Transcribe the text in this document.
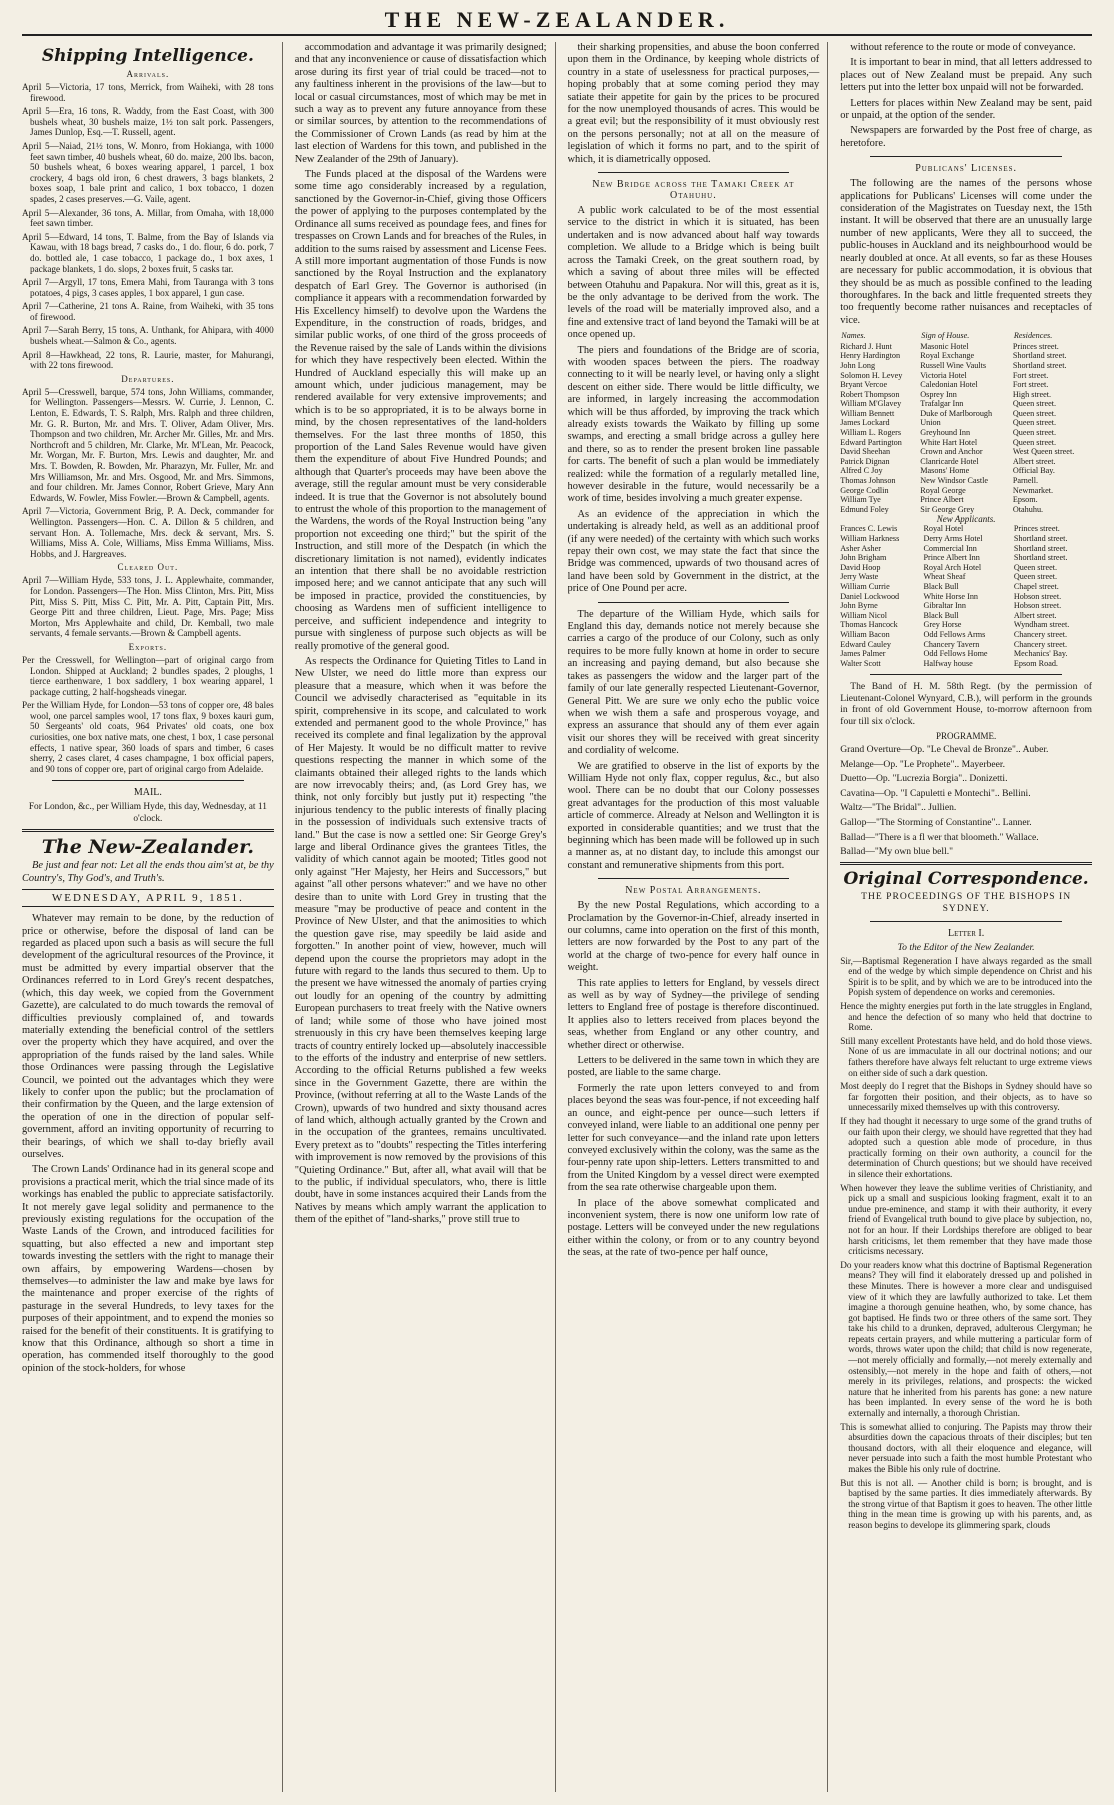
THE NEW-ZEALANDER.
Shipping Intelligence.
Arrivals.

April 5—Victoria, 17 tons, Merrick, from Waiheki, with 28 tons firewood.

April 5—Era, 16 tons, R. Waddy, from the East Coast, with 300 bushels wheat, 30 bushels maize, 1½ ton salt pork. Passengers, James Dunlop, Esq.—T. Russell, agent.

April 5—Naiad, 21½ tons, W. Monro, from Hokianga, with 1000 feet sawn timber, 40 bushels wheat, 60 do. maize, 200 lbs. bacon, 50 bushels wheat, 6 boxes wearing apparel, 1 parcel, 1 box crockery, 4 bags old iron, 6 chest drawers, 3 bags blankets, 2 boxes soap, 1 bale print and calico, 1 box tobacco, 1 dozen spades, 2 cases preserves.—G. Vaile, agent.

April 5—Alexander, 36 tons, A. Millar, from Omaha, with 18,000 feet sawn timber.

April 5—Edward, 14 tons, T. Balme, from the Bay of Islands via Kawau, with 18 bags bread, 7 casks do., 1 do. flour, 6 do. pork, 7 do. bottled ale, 1 case tobacco, 1 package do., 1 box axes, 1 package blankets, 1 do. slops, 2 boxes fruit, 5 casks tar.

April 7—Argyll, 17 tons, Emera Mahi, from Tauranga with 3 tons potatoes, 4 pigs, 3 cases apples, 1 box apparel, 1 gun case.

April 7—Catherine, 21 tons A. Raine, from Waiheki, with 35 tons of firewood.

April 7—Sarah Berry, 15 tons, A. Unthank, for Ahipara, with 4000 bushels wheat.—Salmon & Co., agents.

April 8—Hawkhead, 22 tons, R. Laurie, master, for Mahurangi, with 22 tons firewood.

Departures.

April 5—Cresswell, barque, 574 tons, John Williams, commander, for Wellington. Passengers—Messrs. W. Currie, J. Lennon, C. Lenton, E. Edwards, T. S. Ralph, Mrs. Ralph and three children, Mr. G. R. Burton, Mr. and Mrs. T. Oliver, Adam Oliver, Mrs. Thompson and two children, Mr. Archer Mr. Gilles, Mr. and Mrs. Northcroft and 5 children, Mr. Clarke, Mr. M'Lean, Mr. Peacock, Mr. Worgan, Mr. F. Burton, Mrs. Lewis and daughter, Mr. and Mrs. T. Bowden, R. Bowden, Mr. Pharazyn, Mr. Fuller, Mr. and Mrs Williamson, Mr. and Mrs. Osgood, Mr. and Mrs. Simmons, and four children. Mr. James Connor, Robert Grieve, Mary Ann Edwards, W. Fowler, Miss Fowler.—Brown & Campbell, agents.

April 7—Victoria, Government Brig, P. A. Deck, commander for Wellington. Passengers—Hon. C. A. Dillon & 5 children, and servant Hon. A. Tollemache, Mrs. deck & servant, Mrs. S. Williams, Miss A. Cole, Williams, Miss Emma Williams, Miss. Hobbs, and J. Hargreaves.

Cleared Out.

April 7—William Hyde, 533 tons, J. L. Applewhaite, commander, for London. Passengers—The Hon. Miss Clinton, Mrs. Pitt, Miss Pitt, Miss S. Pitt, Miss C. Pitt, Mr. A. Pitt, Captain Pitt, Mrs. George Pitt and three children, Lieut. Page, Mrs. Page; Miss Morton, Mrs Applewhaite and child, Dr. Kemball, two male servants, 4 female servants.—Brown & Campbell agents.

Exports.

Per the Cresswell, for Wellington—part of original cargo from London. Shipped at Auckland; 2 bundles spades, 2 ploughs, 1 tierce earthenware, 1 box saddlery, 1 box wearing apparel, 1 package cutting, 2 half-hogsheads vinegar.

Per the William Hyde, for London—53 tons of copper ore, 48 bales wool, one parcel samples wool, 17 tons flax, 9 boxes kauri gum, 50 Sergeants' old coats, 964 Privates' old coats, one box curiosities, one box native mats, one chest, 1 box, 1 case personal effects, 1 native spear, 360 loads of spars and timber, 6 cases sherry, 2 cases claret, 4 cases champagne, 1 box official papers, and 90 tons of copper ore, part of original cargo from Adelaide.

MAIL.
For London, &c., per William Hyde, this day, Wednesday, at 11 o'clock.
The New-Zealander.

Be just and fear not: Let all the ends thou aim'st at, be thy Country's, Thy God's, and Truth's.

WEDNESDAY, APRIL 9, 1851.

Whatever may remain to be done, by the reduction of price or otherwise, before the disposal of land can be regarded as placed upon such a basis as will secure the full development of the agricultural resources of the Province, it must be admitted by every impartial observer that the Ordinances referred to in Lord Grey's recent despatches, (which, this day week, we copied from the Government Gazette), are calculated to do much towards the removal of difficulties previously complained of, and towards materially extending the beneficial control of the settlers over the property which they have acquired, and over the appropriation of the funds raised by the land sales. While those Ordinances were passing through the Legislative Council, we pointed out the advantages which they were likely to confer upon the public; but the proclamation of their confirmation by the Queen, and the large extension of the operation of one in the direction of popular self-government, afford an inviting opportunity of recurring to their bearings, of which we shall to-day briefly avail ourselves.

The Crown Lands' Ordinance had in its general scope and provisions a practical merit, which the trial since made of its workings has enabled the public to appreciate satisfactorily. It not merely gave legal solidity and permanence to the previously existing regulations for the occupation of the Waste Lands of the Crown, and introduced facilities for squatting, but also effected a new and important step towards investing the settlers with the right to manage their own affairs, by empowering Wardens—chosen by themselves—to administer the law and make bye laws for the maintenance and proper exercise of the rights of pasturage in the several Hundreds, to levy taxes for the purposes of their appointment, and to expend the monies so raised for the benefit of their constituents. It is gratifying to know that this Ordinance, although so short a time in operation, has commended itself thoroughly to the good opinion of the stock-holders, for whose

accommodation and advantage it was primarily designed; and that any inconvenience or cause of dissatisfaction which arose during its first year of trial could be traced—not to any faultiness inherent in the provisions of the law—but to local or casual circumstances, most of which may be met in such a way as to prevent any future annoyance from these or similar sources, by attention to the recommendations of the Commissioner of Crown Lands (as read by him at the last election of Wardens for this town, and published in the New Zealander of the 29th of January).

The Funds placed at the disposal of the Wardens were some time ago considerably increased by a regulation, sanctioned by the Governor-in-Chief, giving those Officers the power of applying to the purposes contemplated by the Ordinance all sums received as poundage fees, and fines for trespasses on Crown Lands and for breaches of the Rules, in addition to the sums raised by assessment and License Fees. A still more important augmentation of those Funds is now sanctioned by the Royal Instruction and the explanatory despatch of Earl Grey. The Governor is authorised (in compliance it appears with a recommendation forwarded by His Excellency himself) to devolve upon the Wardens the Expenditure, in the construction of roads, bridges, and similar public works, of one third of the gross proceeds of the Revenue raised by the sale of Lands within the divisions for which they have respectively been elected. Within the Hundred of Auckland especially this will make up an amount which, under judicious management, may be rendered available for very extensive improvements; and which is to be so appropriated, it is to be always borne in mind, by the chosen representatives of the land-holders themselves. For the last three months of 1850, this proportion of the Land Sales Revenue would have given them the expenditure of about Five Hundred Pounds; and although that Quarter's proceeds may have been above the average, still the regular amount must be very considerable indeed. It is true that the Governor is not absolutely bound to entrust the whole of this proportion to the management of the Wardens, the words of the Royal Instruction being "any proportion not exceeding one third;" but the spirit of the Instruction, and still more of the Despatch (in which the discretionary limitation is not named), evidently indicates an intention that there shall be no avoidable restriction imposed here; and we cannot anticipate that any such will be imposed in practice, provided the constituencies, by choosing as Wardens men of sufficient intelligence to perceive, and sufficient independence and integrity to pursue with singleness of purpose such objects as will be really promotive of the general good.

As respects the Ordinance for Quieting Titles to Land in New Ulster, we need do little more than express our pleasure that a measure, which when it was before the Council we advisedly characterised as "equitable in its spirit, comprehensive in its scope, and calculated to work extended and permanent good to the whole Province," has received its complete and final legalization by the approval of Her Majesty. It would be no difficult matter to revive questions respecting the manner in which some of the claimants obtained their alleged rights to the lands which are now irrevocably theirs; and, (as Lord Grey has, we think, not only forcibly but justly put it) respecting "the injurious tendency to the public interests of finally placing in the possession of individuals such extensive tracts of land." But the case is now a settled one: Sir George Grey's large and liberal Ordinance gives the grantees Titles, the validity of which cannot again be mooted; Titles good not only against "Her Majesty, her Heirs and Successors," but against "all other persons whatever:" and we have no other desire than to unite with Lord Grey in trusting that the measure "may be productive of peace and content in the Province of New Ulster, and that the animosities to which the question gave rise, may speedily be laid aside and forgotten." In another point of view, however, much will depend upon the course the proprietors may adopt in the future with regard to the lands thus secured to them. Up to the present we have witnessed the anomaly of parties crying out loudly for an opening of the country by admitting European purchasers to treat freely with the Native owners of land; while some of those who have joined most strenuously in this cry have been themselves keeping large tracts of country entirely locked up—absolutely inaccessible to the efforts of the industry and enterprise of new settlers. According to the official Returns published a few weeks since in the Government Gazette, there are within the Province, (without referring at all to the Waste Lands of the Crown), upwards of two hundred and sixty thousand acres of land which, although actually granted by the Crown and in the occupation of the grantees, remains uncultivated. Every pretext as to "doubts" respecting the Titles interfering with improvement is now removed by the provisions of this "Quieting Ordinance." But, after all, what avail will that be to the public, if individual speculators, who, there is little doubt, have in some instances acquired their Lands from the Natives by means which amply warrant the application to them of the epithet of "land-sharks," prove still true to

their sharking propensities, and abuse the boon conferred upon them in the Ordinance, by keeping whole districts of country in a state of uselessness for practical purposes,—hoping probably that at some coming period they may satiate their appetite for gain by the prices to be procured for the now unemployed thousands of acres. This would be a great evil; but the responsibility of it must obviously rest on the persons personally; not at all on the measure of legislation of which it forms no part, and to the spirit of which, it is diametrically opposed.

New Bridge across the Tamaki Creek at Otahuhu.

A public work calculated to be of the most essential service to the district in which it is situated, has been undertaken and is now advanced about half way towards completion. We allude to a Bridge which is being built across the Tamaki Creek, on the great southern road, by which a saving of about three miles will be effected between Otahuhu and Papakura. Nor will this, great as it is, be the only advantage to be derived from the work. The levels of the road will be materially improved also, and a fine and extensive tract of land beyond the Tamaki will be at once opened up.

The piers and foundations of the Bridge are of scoria, with wooden spaces between the piers. The roadway connecting to it will be nearly level, or having only a slight descent on either side. There would be little difficulty, we are informed, in largely increasing the accommodation which will be thus afforded, by improving the track which already exists towards the Waikato by filling up some swamps, and erecting a small bridge across a gulley here and there, so as to render the present broken line passable for carts. The benefit of such a plan would be immediately realized: while the formation of a regularly metalled line, however desirable in the future, would necessarily be a work of time, besides involving a much greater expense.

As an evidence of the appreciation in which the undertaking is already held, as well as an additional proof (if any were needed) of the certainty with which such works repay their own cost, we may state the fact that since the Bridge was commenced, upwards of two thousand acres of land have been sold by Government in the district, at the price of One Pound per acre.

The departure of the William Hyde, which sails for England this day, demands notice not merely because she carries a cargo of the produce of our Colony, such as only requires to be more fully known at home in order to secure an increasing and paying demand, but also because she takes as passengers the widow and the larger part of the family of our late generally respected Lieutenant-Governor, General Pitt. We are sure we only echo the public voice when we wish them a safe and prosperous voyage, and express an assurance that should any of them ever again visit our shores they will be received with great sincerity and cordiality of welcome.

We are gratified to observe in the list of exports by the William Hyde not only flax, copper regulus, &c., but also wool. There can be no doubt that our Colony possesses great advantages for the production of this most valuable article of commerce. Already at Nelson and Wellington it is exported in considerable quantities; and we trust that the beginning which has been made will be followed up in such a manner as, at no distant day, to include this amongst our constant and remunerative shipments from this port.

New Postal Arrangements.

By the new Postal Regulations, which according to a Proclamation by the Governor-in-Chief, already inserted in our columns, came into operation on the first of this month, letters are now forwarded by the Post to any part of the world at the charge of two-pence for every half ounce in weight.

This rate applies to letters for England, by vessels direct as well as by way of Sydney—the privilege of sending letters to England free of postage is therefore discontinued. It applies also to letters received from places beyond the seas, whether from England or any other country, and whether direct or otherwise.

Letters to be delivered in the same town in which they are posted, are liable to the same charge.

Formerly the rate upon letters conveyed to and from places beyond the seas was four-pence, if not exceeding half an ounce, and eight-pence per ounce—such letters if conveyed inland, were liable to an additional one penny per letter for such conveyance—and the inland rate upon letters conveyed exclusively within the colony, was the same as the four-penny rate upon ship-letters. Letters transmitted to and from the United Kingdom by a vessel direct were exempted from the sea rate otherwise chargeable upon them.

In place of the above somewhat complicated and inconvenient system, there is now one uniform low rate of postage. Letters will be conveyed under the new regulations either within the colony, or from or to any country beyond the seas, at the rate of two-pence per half ounce,

without reference to the route or mode of conveyance.

It is important to bear in mind, that all letters addressed to places out of New Zealand must be prepaid. Any such letters put into the letter box unpaid will not be forwarded.

Letters for places within New Zealand may be sent, paid or unpaid, at the option of the sender.

Newspapers are forwarded by the Post free of charge, as heretofore.

Publicans' Licenses.

The following are the names of the persons whose applications for Publicans' Licenses will come under the consideration of the Magistrates on Tuesday next, the 15th instant. It will be observed that there are an unusually large number of new applicants, Were they all to succeed, the public-houses in Auckland and its neighbourhood would be nearly doubled at once. At all events, so far as these Houses are necessary for public accommodation, it is obvious that they should be as much as possible confined to the leading thoroughfares. In the back and little frequented streets they too frequently become rather nuisances and receptacles of vice.

Names.	Sign of House.	Residences.
Richard J. Hunt	Masonic Hotel	Princes street.
Henry Hardington	Royal Exchange	Shortland street.
John Long	Russell Wine Vaults	Shortland street.
Solomon H. Levey	Victoria Hotel	Fort street.
Bryant Vercoe	Caledonian Hotel	Fort street.
Robert Thompson	Osprey Inn	High street.
William M'Glavey	Trafalgar Inn	Queen street.
William Bennett	Duke of Marlborough	Queen street.
James Lockard	Union	Queen street.
William L. Rogers	Greyhound Inn	Queen street.
Edward Partington	White Hart Hotel	Queen street.
David Sheehan	Crown and Anchor	West Queen street.
Patrick Dignan	Clanricarde Hotel	Albert street.
Alfred C Joy	Masons' Home	Official Bay.
Thomas Johnson	New Windsor Castle	Parnell.
George Codlin	Royal George	Newmarket.
William Tye	Prince Albert	Epsom.
Edmund Foley	Sir George Grey	Otahuhu.
New Applicants.
Frances C. Lewis	Royal Hotel	Princes street.
William Harkness	Derry Arms Hotel	Shortland street.
Asher Asher	Commercial Inn	Shortland street.
John Brigham	Prince Albert Inn	Shortland street.
David Hoop	Royal Arch Hotel	Queen street.
Jerry Waste	Wheat Sheaf	Queen street.
William Currie	Black Bull	Chapel street.
Daniel Lockwood	White Horse Inn	Hobson street.
John Byrne	Gibraltar Inn	Hobson street.
William Nicol	Black Bull	Albert street.
Thomas Hancock	Grey Horse	Wyndham street.
William Bacon	Odd Fellows Arms	Chancery street.
Edward Cauley	Chancery Tavern	Chancery street.
James Palmer	Odd Fellows Home	Mechanics' Bay.
Walter Scott	Halfway house	Epsom Road.

The Band of H. M. 58th Regt. (by the permission of Lieutenant-Colonel Wynyard, C.B.), will perform in the grounds in front of old Government House, to-morrow afternoon from four till six o'clock.

PROGRAMME.

Grand Overture—Op. "Le Cheval de Bronze".. Auber.

Melange—Op. "Le Prophete".. Mayerbeer.

Duetto—Op. "Lucrezia Borgia".. Donizetti.

Cavatina—Op. "I Capuletti e Montechi".. Bellini.

Waltz—"The Bridal".. Jullien.

Gallop—"The Storming of Constantine".. Lanner.

Ballad—"There is a fl wer that bloometh." Wallace.

Ballad—"My own blue bell."

Original Correspondence.
THE PROCEEDINGS OF THE BISHOPS IN SYDNEY.
Letter I.
To the Editor of the New Zealander.

Sir,—Baptismal Regeneration I have always regarded as the small end of the wedge by which simple dependence on Christ and his Spirit is to be split, and by which we are to be introduced into the Popish system of dependence on works and ceremonies.

Hence the mighty energies put forth in the late struggles in England, and hence the defection of so many who held that doctrine to Rome.

Still many excellent Protestants have held, and do hold those views. None of us are immaculate in all our doctrinal notions; and our fathers therefore have always felt reluctant to urge extreme views on either side of such a dark question.

Most deeply do I regret that the Bishops in Sydney should have so far forgotten their position, and their objects, as to have so unnecessarily mixed themselves up with this controversy.

If they had thought it necessary to urge some of the grand truths of our faith upon their clergy, we should have regretted that they had adopted such a question able mode of procedure, in thus practically forming on their own authority, a council for the determination of Church questions; but we should have received in silence their exhortations.

When however they leave the sublime verities of Christianity, and pick up a small and suspicious looking fragment, exalt it to an undue pre-eminence, and stamp it with their authority, it every friend of Evangelical truth bound to give place by subjection, no, not for an hour. If their Lordships therefore are obliged to bear harsh criticisms, let them remember that they have made those criticisms necessary.

Do your readers know what this doctrine of Baptismal Regeneration means? They will find it elaborately dressed up and polished in these Minutes. There is however a more clear and undisguised view of it which they are lawfully authorized to take. Let them imagine a thorough genuine heathen, who, by some chance, has got baptised. He finds two or three others of the same sort. They take his child to a drunken, depraved, adulterous Clergyman; he repeats certain prayers, and while muttering a particular form of words, throws water upon the child; that child is now regenerate,—not merely officially and formally,—not merely externally and ostensibly,—not merely in the hope and faith of others,—not merely in its privileges, relations, and prospects: the wicked nature that he inherited from his parents has gone: a new nature has been implanted. In every sense of the word he is both externally and internally, a thorough Christian.

This is somewhat allied to conjuring. The Papists may throw their absurdities down the capacious throats of their disciples; but ten thousand doctors, with all their eloquence and elegance, will never persuade into such a faith the most humble Protestant who makes the Bible his only rule of doctrine.

But this is not all. — Another child is born; is brought, and is baptised by the same parties. It dies immediately afterwards. By the strong virtue of that Baptism it goes to heaven. The other little thing in the mean time is growing up with his parents, and, as reason begins to develope its glimmering spark, clouds
